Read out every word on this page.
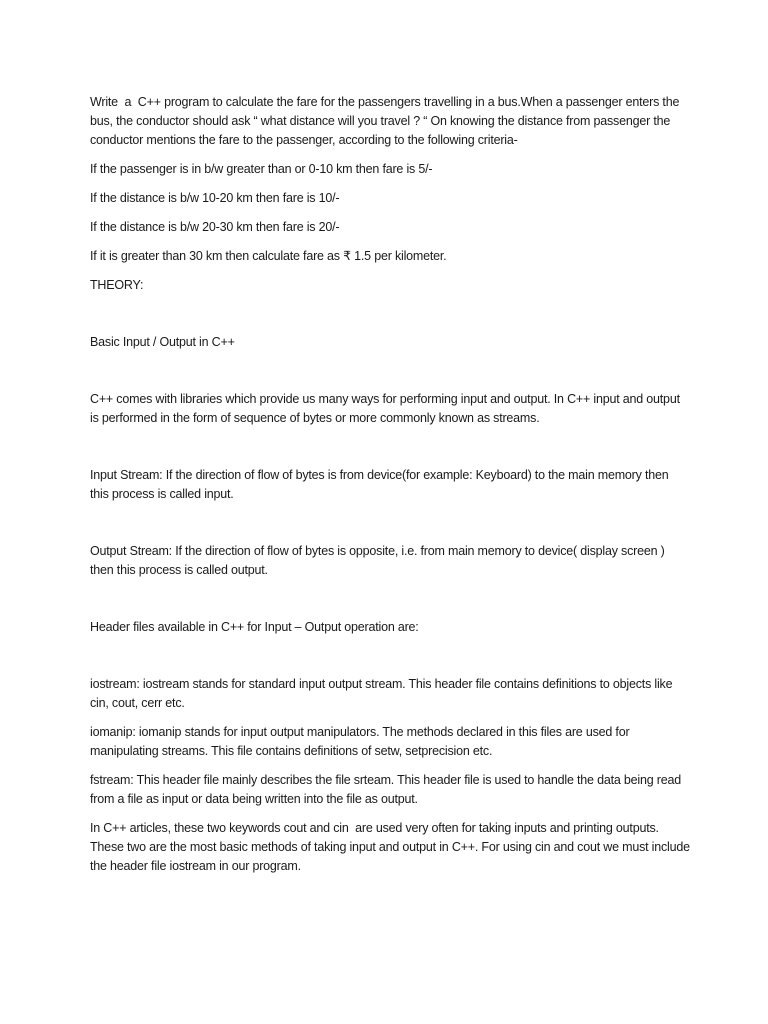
Write  a  C++ program to calculate the fare for the passengers travelling in a bus.When a passenger enters the bus, the conductor should ask “ what distance will you travel ? “ On knowing the distance from passenger the conductor mentions the fare to the passenger, according to the following criteria-

If the passenger is in b/w greater than or 0-10 km then fare is 5/-

If the distance is b/w 10-20 km then fare is 10/-

If the distance is b/w 20-30 km then fare is 20/-

If it is greater than 30 km then calculate fare as ₹ 1.5 per kilometer.

THEORY:

Basic Input / Output in C++

C++ comes with libraries which provide us many ways for performing input and output. In C++ input and output is performed in the form of sequence of bytes or more commonly known as streams.

Input Stream: If the direction of flow of bytes is from device(for example: Keyboard) to the main memory then this process is called input.

Output Stream: If the direction of flow of bytes is opposite, i.e. from main memory to device( display screen ) then this process is called output.

Header files available in C++ for Input – Output operation are:

iostream: iostream stands for standard input output stream. This header file contains definitions to objects like cin, cout, cerr etc.

iomanip: iomanip stands for input output manipulators. The methods declared in this files are used for manipulating streams. This file contains definitions of setw, setprecision etc.

fstream: This header file mainly describes the file srteam. This header file is used to handle the data being read from a file as input or data being written into the file as output.

In C++ articles, these two keywords cout and cin  are used very often for taking inputs and printing outputs. These two are the most basic methods of taking input and output in C++. For using cin and cout we must include the header file iostream in our program.
